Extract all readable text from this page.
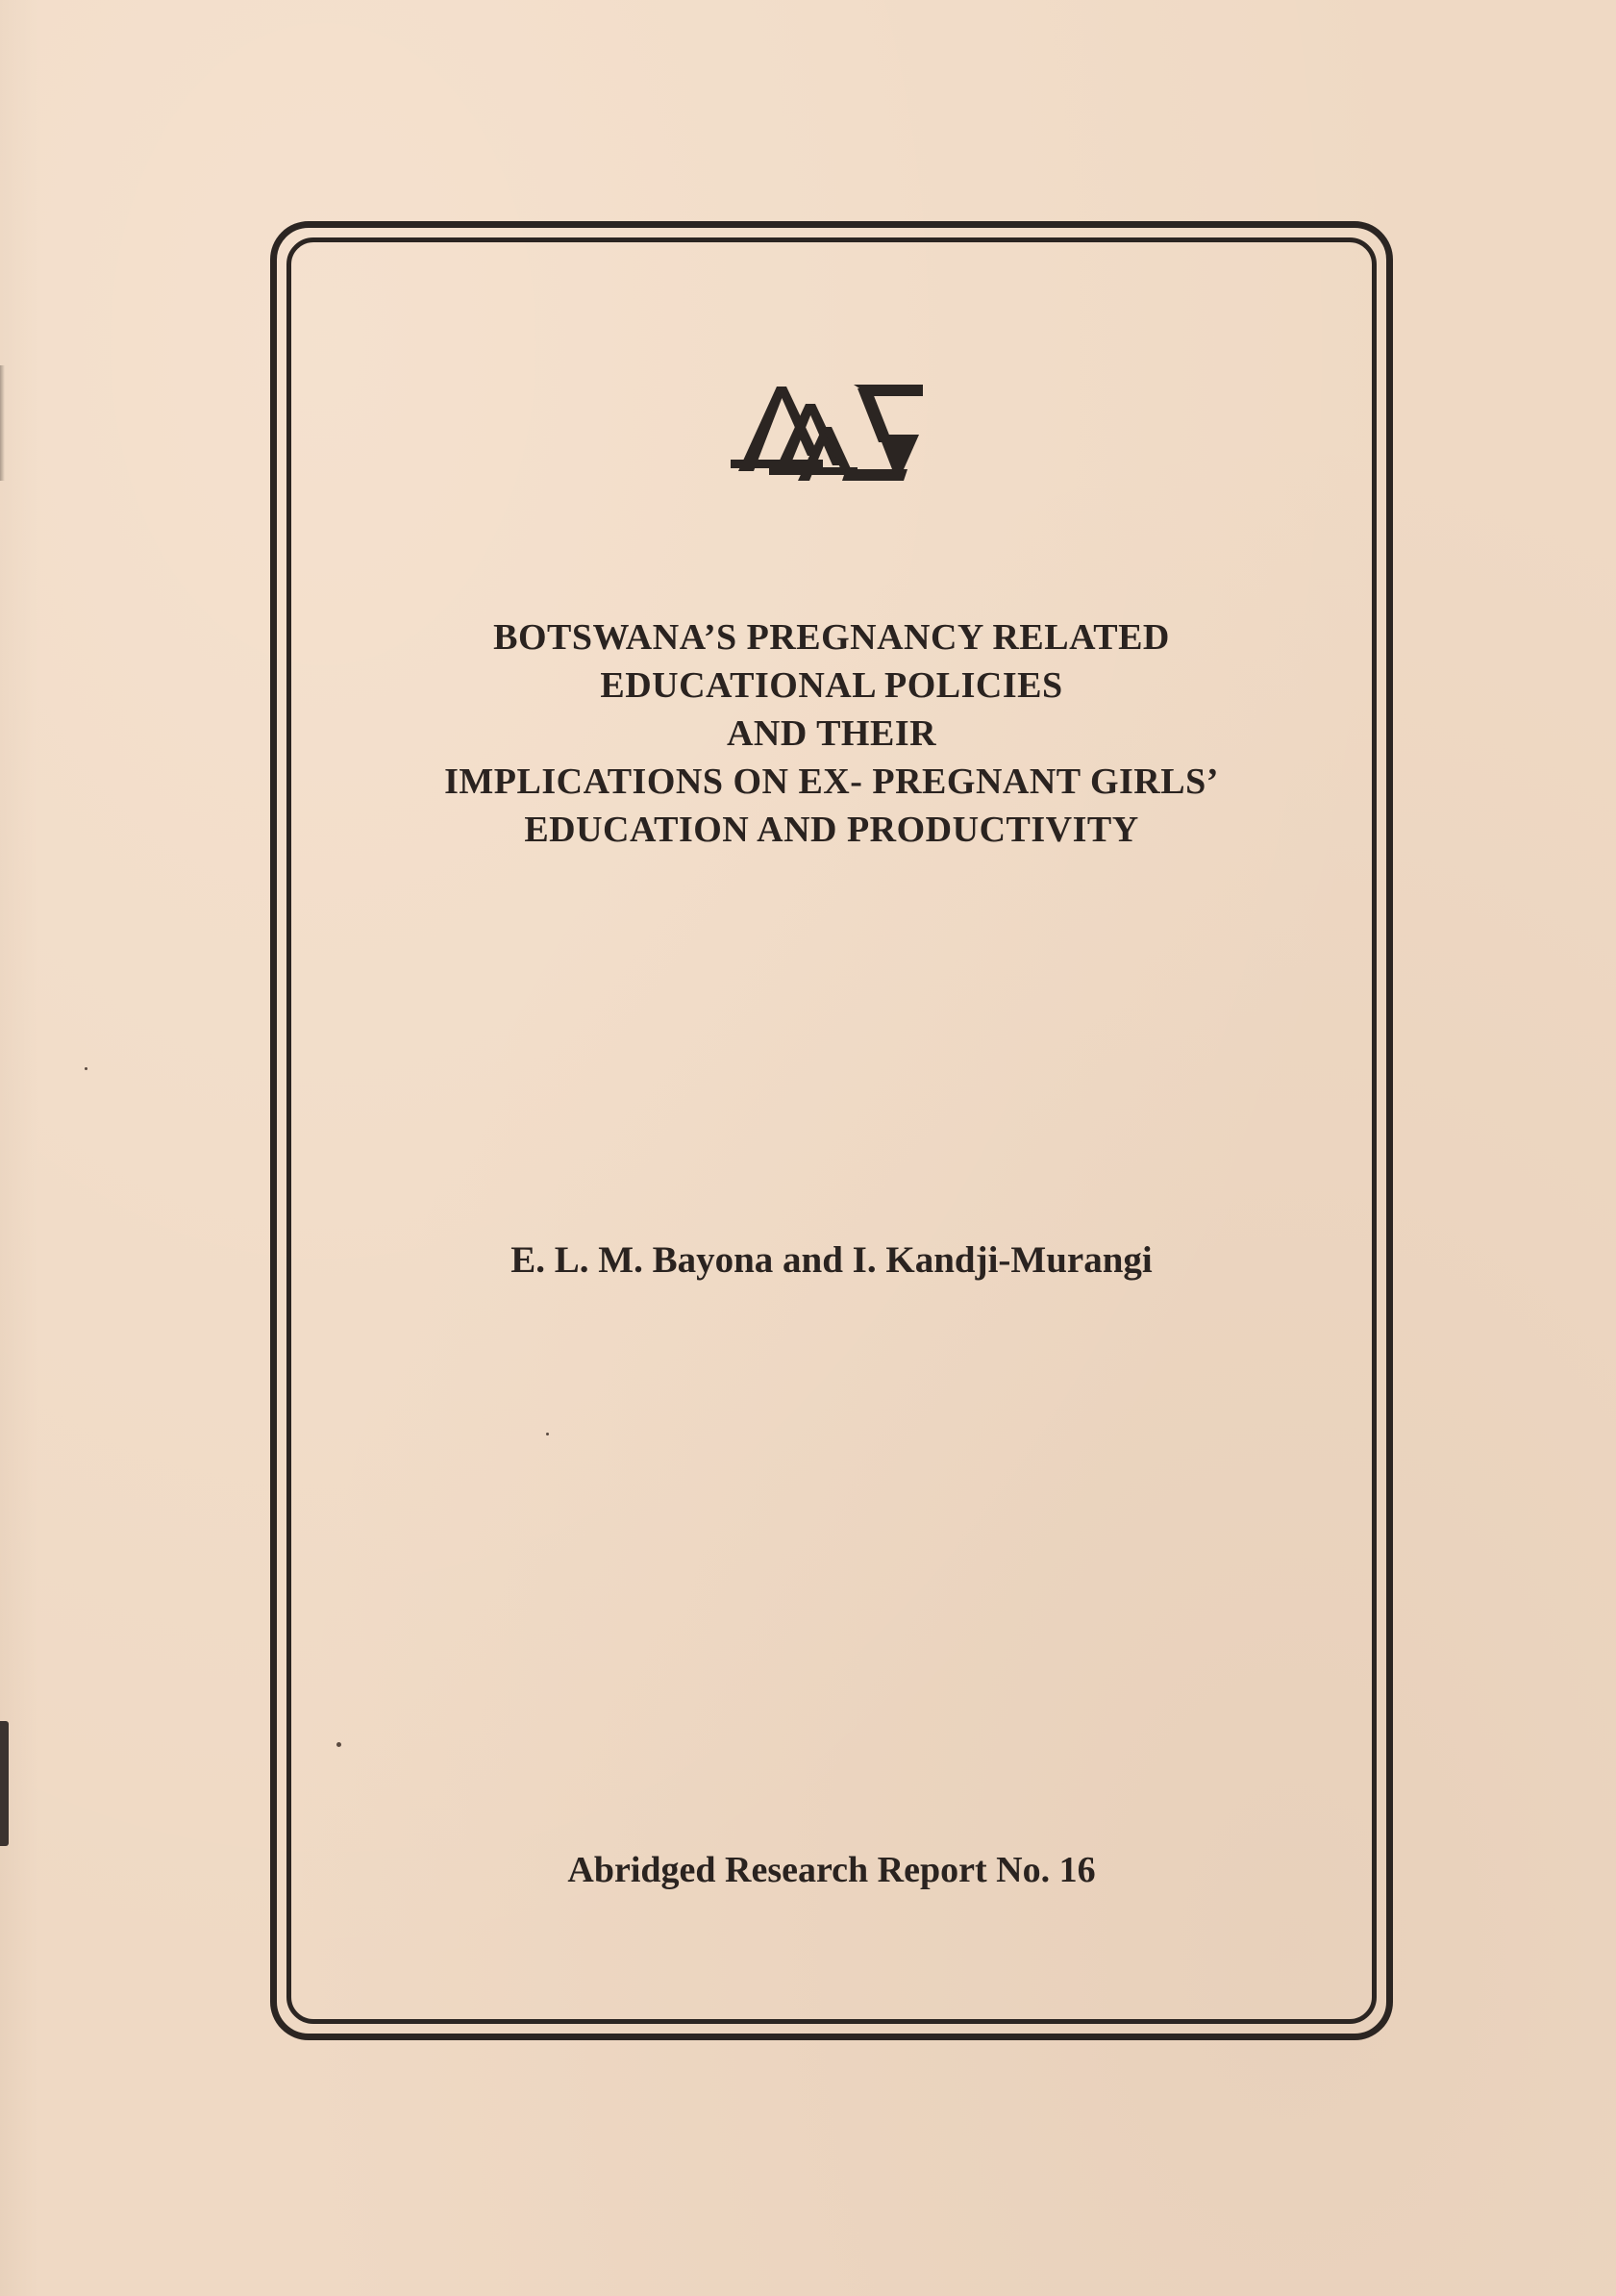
BOTSWANA’S PREGNANCY RELATED
EDUCATIONAL POLICIES
AND THEIR
IMPLICATIONS ON EX- PREGNANT GIRLS’
EDUCATION AND PRODUCTIVITY
E. L. M. Bayona and I. Kandji-Murangi
Abridged Research Report No. 16
